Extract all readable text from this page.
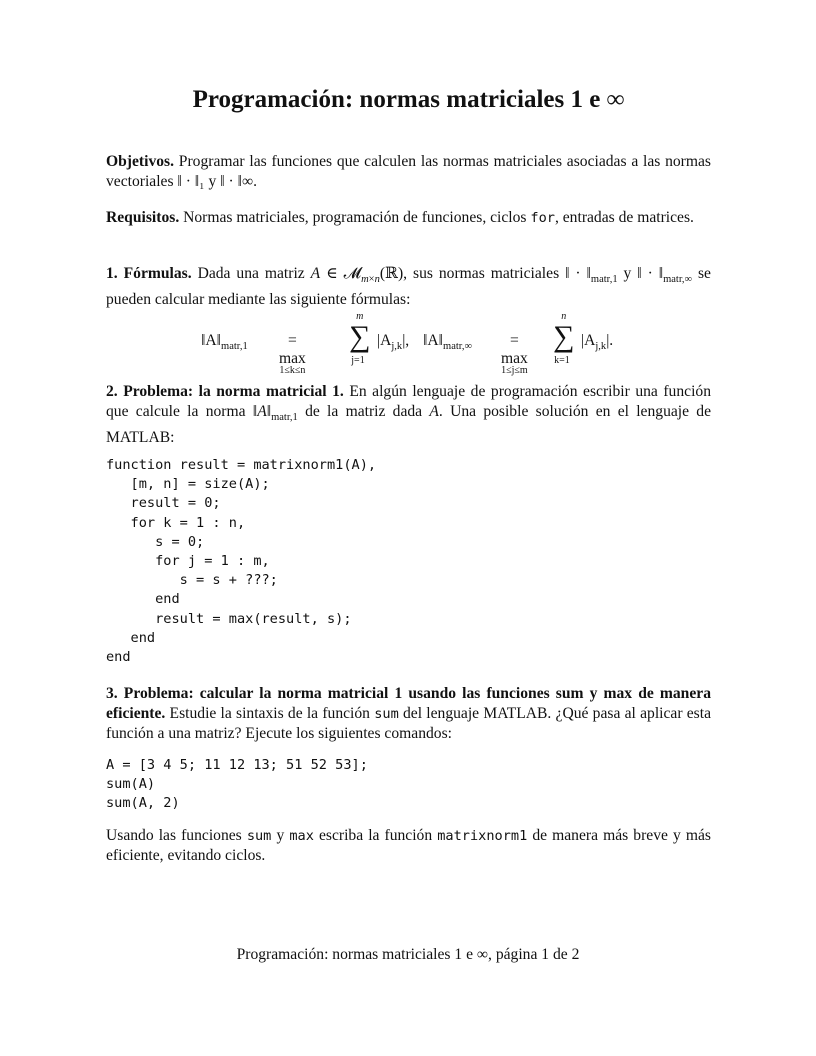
Programación: normas matriciales 1 e ∞

Objetivos. Programar las funciones que calculen las normas matriciales asociadas a las normas vectoriales ‖ · ‖₁ y ‖ · ‖∞.

Requisitos. Normas matriciales, programación de funciones, ciclos for, entradas de matrices.

1. Fórmulas. Dada una matriz A ∈ 𝓜$_{m\times n}$(ℝ), sus normas matriciales ‖ · $‖_{matr,1}$ y ‖ · $‖_{matr,\infty}$ se pueden calcular mediante las siguiente fórmulas:

$‖A‖_{matr,1}$	= max
1≤k≤n
∑
m
j=1
$|A_{j,k}|$, $‖A‖_{matr,\infty}$	= max
1≤j≤m
∑
n
k=1
$|A_{j,k}|$.

2. Problema: la norma matricial 1. En algún lenguaje de programación escribir una función que calcule la norma $‖A‖_{matr,1}$ de la matriz dada A. Una posible solución en el lenguaje de MATLAB:

function result = matrixnorm1(A),
[m, n] = size(A);
result = 0;
for k = 1 : n,
s = 0;
for j = 1 : m,
s = s + ???;
end
result = max(result, s);
end
end

3. Problema: calcular la norma matricial 1 usando las funciones sum y max de manera eficiente. Estudie la sintaxis de la función sum del lenguaje MATLAB. ¿Qué pasa al aplicar esta función a una matriz? Ejecute los siguientes comandos:

A = [3 4 5; 11 12 13; 51 52 53];
sum(A)
sum(A, 2)

Usando las funciones sum y max escriba la función matrixnorm1 de manera más breve y más eficiente, evitando ciclos.

Programación: normas matriciales 1 e ∞, página 1 de 2
